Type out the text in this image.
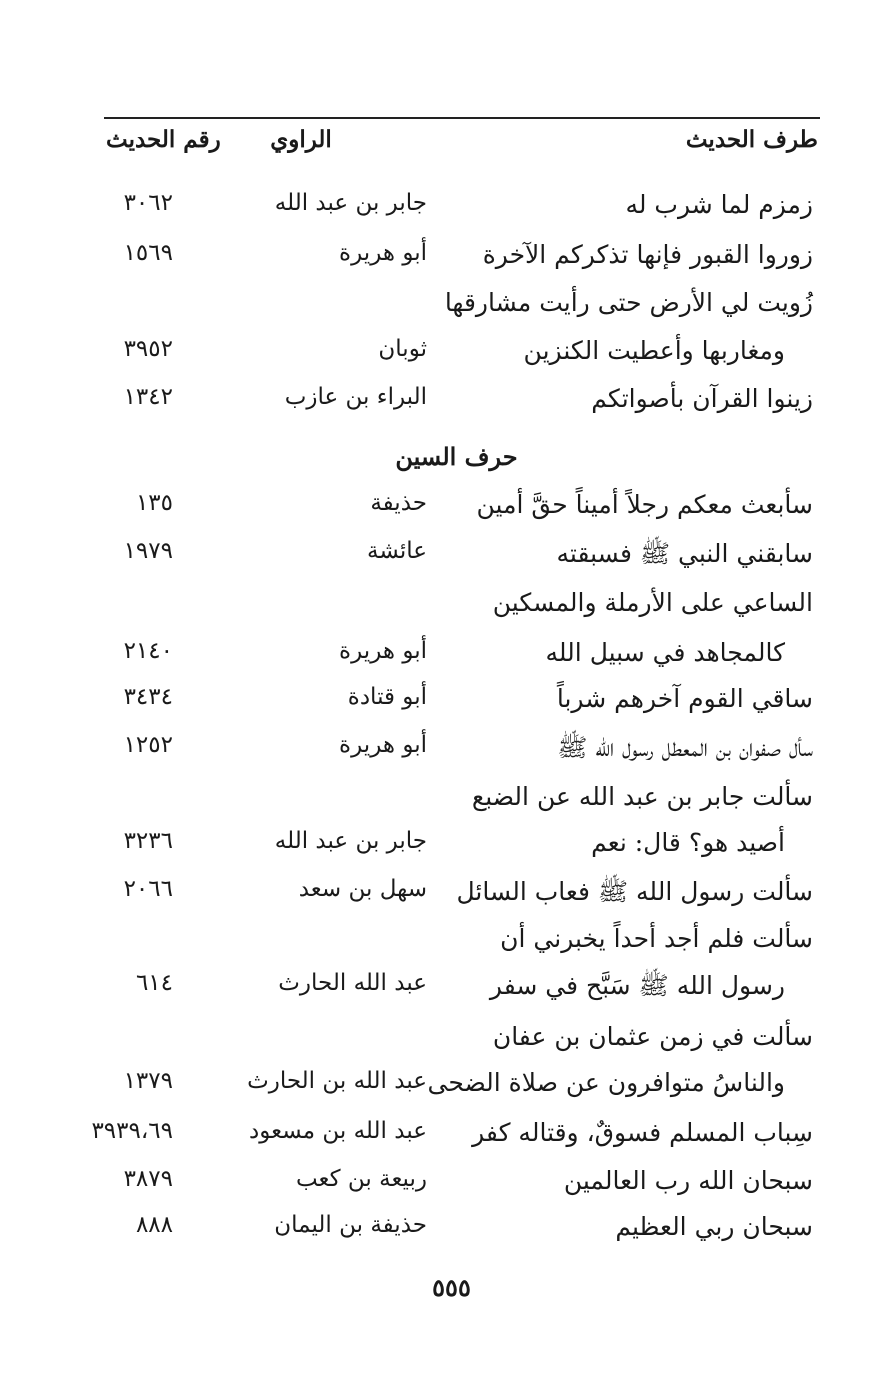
طرف الحديث
الراوي
رقم الحديث
زمزم لما شرب له
جابر بن عبد الله
٣٠٦٢
زوروا القبور فإنها تذكركم الآخرة
أبو هريرة
١٥٦٩
زُويت لي الأرض حتى رأيت مشارقها
ومغاربها وأعطيت الكنزين
ثوبان
٣٩٥٢
زينوا القرآن بأصواتكم
البراء بن عازب
١٣٤٢
حرف السين
سأبعث معكم رجلاً أميناً حقَّ أمين
حذيفة
١٣٥
سابقني النبي ﷺ فسبقته
عائشة
١٩٧٩
الساعي على الأرملة والمسكين
كالمجاهد في سبيل الله
أبو هريرة
٢١٤٠
ساقي القوم آخرهم شرباً
أبو قتادة
٣٤٣٤
سأل صفوان بن المعطل رسول الله ﷺ
أبو هريرة
١٢٥٢
سألت جابر بن عبد الله عن الضبع
أصيد هو؟ قال: نعم
جابر بن عبد الله
٣٢٣٦
سألت رسول الله ﷺ فعاب السائل
سهل بن سعد
٢٠٦٦
سألت فلم أجد أحداً يخبرني أن
رسول الله ﷺ سَبَّح في سفر
عبد الله الحارث
٦١٤
سألت في زمن عثمان بن عفان
والناسُ متوافرون عن صلاة الضحى
عبد الله بن الحارث
١٣٧٩
سِباب المسلم فسوقٌ، وقتاله كفر
عبد الله بن مسعود
٣٩٣٩،٦٩
سبحان الله رب العالمين
ربيعة بن كعب
٣٨٧٩
سبحان ربي العظيم
حذيفة بن اليمان
٨٨٨
٥٥٥
